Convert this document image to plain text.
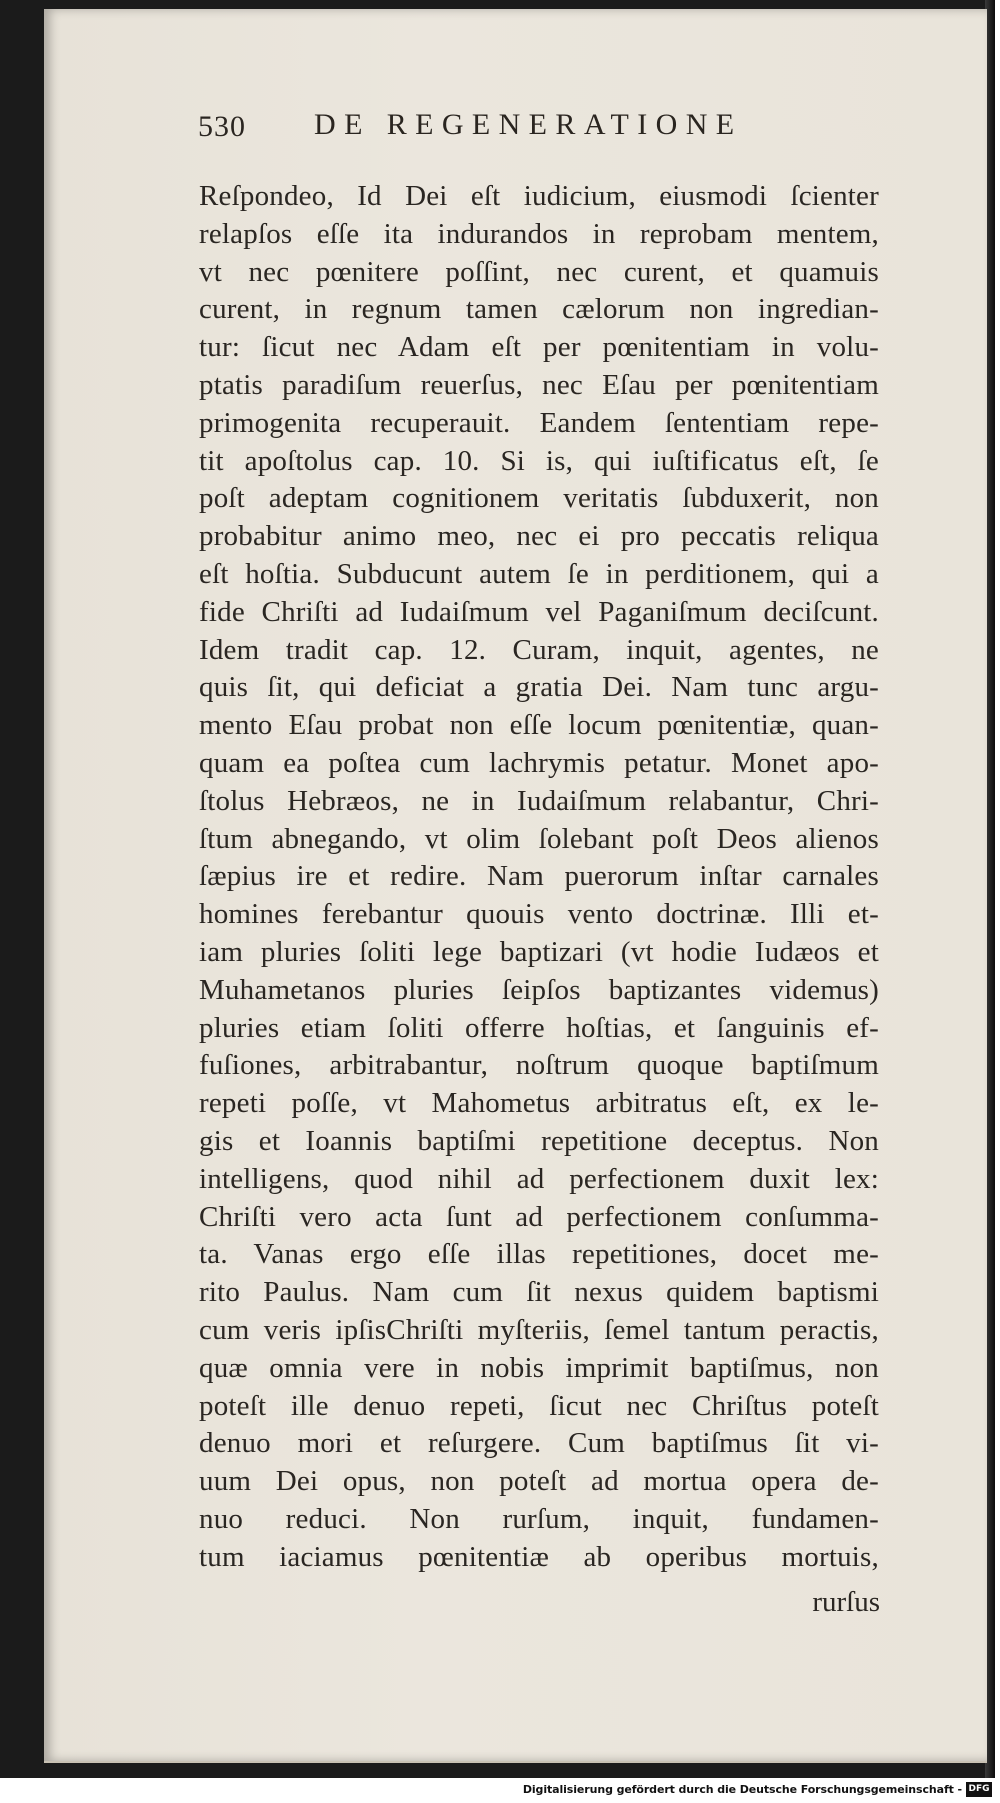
530 DE REGENERATIONE
Reſpondeo, Id Dei eſt iudicium, eiusmodi ſcienter
relapſos eſſe ita indurandos in reprobam mentem,
vt nec pœnitere poſſint, nec curent, et quamuis
curent, in regnum tamen cælorum non ingredian-
tur: ſicut nec Adam eſt per pœnitentiam in volu-
ptatis paradiſum reuerſus, nec Eſau per pœnitentiam
primogenita recuperauit. Eandem ſententiam repe-
tit apoſtolus cap. 10. Si is, qui iuſtificatus eſt, ſe
poſt adeptam cognitionem veritatis ſubduxerit, non
probabitur animo meo, nec ei pro peccatis reliqua
eſt hoſtia. Subducunt autem ſe in perditionem, qui a
fide Chriſti ad Iudaiſmum vel Paganiſmum deciſcunt.
Idem tradit cap. 12. Curam, inquit, agentes, ne
quis ſit, qui deficiat a gratia Dei. Nam tunc argu-
mento Eſau probat non eſſe locum pœnitentiæ, quan-
quam ea poſtea cum lachrymis petatur. Monet apo-
ſtolus Hebræos, ne in Iudaiſmum relabantur, Chri-
ſtum abnegando, vt olim ſolebant poſt Deos alienos
ſæpius ire et redire. Nam puerorum inſtar carnales
homines ferebantur quouis vento doctrinæ. Illi et-
iam pluries ſoliti lege baptizari (vt hodie Iudæos et
Muhametanos pluries ſeipſos baptizantes videmus)
pluries etiam ſoliti offerre hoſtias, et ſanguinis ef-
fuſiones, arbitrabantur, noſtrum quoque baptiſmum
repeti poſſe, vt Mahometus arbitratus eſt, ex le-
gis et Ioannis baptiſmi repetitione deceptus. Non
intelligens, quod nihil ad perfectionem duxit lex:
Chriſti vero acta ſunt ad perfectionem conſumma-
ta. Vanas ergo eſſe illas repetitiones, docet me-
rito Paulus. Nam cum ſit nexus quidem baptismi
cum veris ipſisChriſti myſteriis, ſemel tantum peractis,
quæ omnia vere in nobis imprimit baptiſmus, non
poteſt ille denuo repeti, ſicut nec Chriſtus poteſt
denuo mori et reſurgere. Cum baptiſmus ſit vi-
uum Dei opus, non poteſt ad mortua opera de-
nuo reduci. Non rurſum, inquit, fundamen-
tum iaciamus pœnitentiæ ab operibus mortuis,
rurſus
Digitalisierung gefördert durch die Deutsche Forschungsgemeinschaft - DFG
